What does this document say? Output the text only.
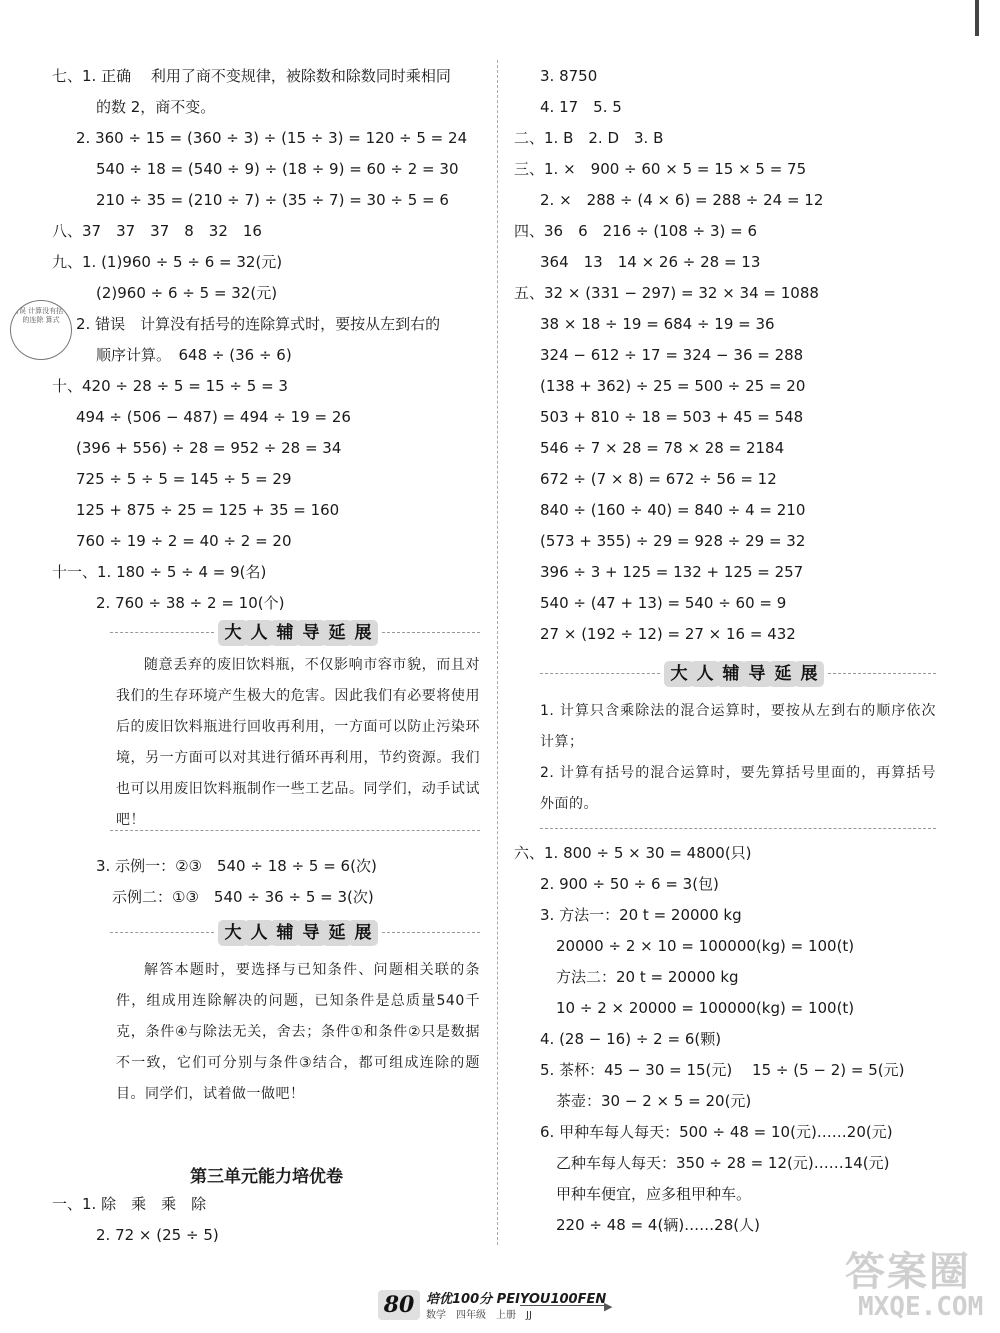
七、1. 正确　 利用了商不变规律，被除数和除数同时乘相同
的数 2，商不变。
2. 360 ÷ 15 = (360 ÷ 3) ÷ (15 ÷ 3) = 120 ÷ 5 = 24
540 ÷ 18 = (540 ÷ 9) ÷ (18 ÷ 9) = 60 ÷ 2 = 30
210 ÷ 35 = (210 ÷ 7) ÷ (35 ÷ 7) = 30 ÷ 5 = 6
八、37　37　37　8　32　16
九、1. (1)960 ÷ 5 ÷ 6 = 32(元)
(2)960 ÷ 6 ÷ 5 = 32(元)
错误 计算没有括号的连除 算式	2. 错误　计算没有括号的连除算式时，要按从左到右的
顺序计算。　648 ÷ (36 ÷ 6)
十、420 ÷ 28 ÷ 5 = 15 ÷ 5 = 3
494 ÷ (506 − 487) = 494 ÷ 19 = 26
(396 + 556) ÷ 28 = 952 ÷ 28 = 34
725 ÷ 5 ÷ 5 = 145 ÷ 5 = 29
125 + 875 ÷ 25 = 125 + 35 = 160
760 ÷ 19 ÷ 2 = 40 ÷ 2 = 20
十一、1. 180 ÷ 5 ÷ 4 = 9(名)
2. 760 ÷ 38 ÷ 2 = 10(个)
大 人 辅 导 延 展
随意丢弃的废旧饮料瓶，不仅影响市容市貌，而且对我们的生存环境产生极大的危害。因此我们有必要将使用后的废旧饮料瓶进行回收再利用，一方面可以防止污染环境，另一方面可以对其进行循环再利用，节约资源。我们也可以用废旧饮料瓶制作一些工艺品。同学们，动手试试吧！
3. 示例一：②③　540 ÷ 18 ÷ 5 = 6(次)
示例二：①③　540 ÷ 36 ÷ 5 = 3(次)
大 人 辅 导 延 展
解答本题时，要选择与已知条件、问题相关联的条件，组成用连除解决的问题，已知条件是总质量540千克，条件④与除法无关，舍去；条件①和条件②只是数据不一致，它们可分别与条件③结合，都可组成连除的题目。同学们，试着做一做吧！
第三单元能力培优卷
一、1. 除　乘　乘　除
2. 72 × (25 ÷ 5)
3. 8750
4. 17　5. 5
二、1. B　2. D　3. B
三、1. ×　900 ÷ 60 × 5 = 15 × 5 = 75
2. ×　288 ÷ (4 × 6) = 288 ÷ 24 = 12
四、36　6　216 ÷ (108 ÷ 3) = 6
364　13　14 × 26 ÷ 28 = 13
五、32 × (331 − 297) = 32 × 34 = 1088
38 × 18 ÷ 19 = 684 ÷ 19 = 36
324 − 612 ÷ 17 = 324 − 36 = 288
(138 + 362) ÷ 25 = 500 ÷ 25 = 20
503 + 810 ÷ 18 = 503 + 45 = 548
546 ÷ 7 × 28 = 78 × 28 = 2184
672 ÷ (7 × 8) = 672 ÷ 56 = 12
840 ÷ (160 ÷ 40) = 840 ÷ 4 = 210
(573 + 355) ÷ 29 = 928 ÷ 29 = 32
396 ÷ 3 + 125 = 132 + 125 = 257
540 ÷ (47 + 13) = 540 ÷ 60 = 9
27 × (192 ÷ 12) = 27 × 16 = 432
大 人 辅 导 延 展
1. 计算只含乘除法的混合运算时，要按从左到右的顺序依次计算；
2. 计算有括号的混合运算时，要先算括号里面的，再算括号外面的。
六、1. 800 ÷ 5 × 30 = 4800(只)
2. 900 ÷ 50 ÷ 6 = 3(包)
3. 方法一：20 t = 20000 kg
20000 ÷ 2 × 10 = 100000(kg) = 100(t)
方法二：20 t = 20000 kg
10 ÷ 2 × 20000 = 100000(kg) = 100(t)
4. (28 − 16) ÷ 2 = 6(颗)
5. 茶杯：45 − 30 = 15(元)　 15 ÷ (5 − 2) = 5(元)
茶壶：30 − 2 × 5 = 20(元)
6. 甲种车每人每天：500 ÷ 48 = 10(元)……20(元)
乙种车每人每天：350 ÷ 28 = 12(元)……14(元)
甲种车便宜，应多租甲种车。
220 ÷ 48 = 4(辆)……28(人)
80 培优100分 PEIYOU100FEN
数学　四年级　上册　JJ
▶
答案圈
MXQE.COM
